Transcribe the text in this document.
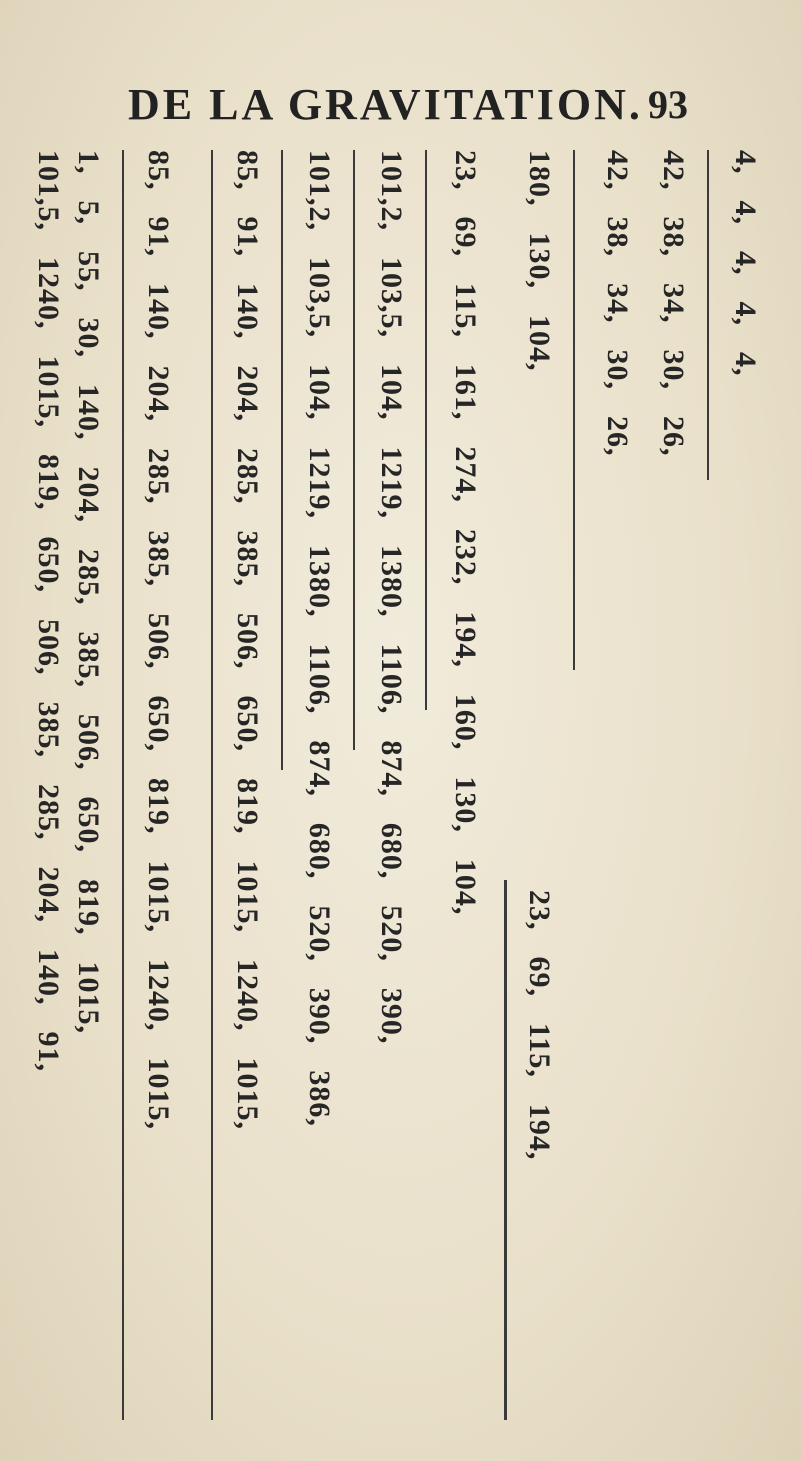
DE LA GRAVITATION. 93
4,
4,
4,
4,
4,
42,
38,
34,
30,
26,
42,
38,
34,
30,
26,
23,
69,
115,
194,
180,
130,
104,
23,
69,
115,
161,
274,
232,
194,
160,
130,
104,
101,2,
103,5,
104,
1219,
1380,
1106,
874,
680,
520,
390,
101,2,
103,5,
104,
1219,
1380,
1106,
874,
680,
520,
390,
386,
85,
91,
140,
204,
285,
385,
506,
650,
819,
1015,
1240,
1015,
85,
91,
140,
204,
285,
385,
506,
650,
819,
1015,
1240,
1015,
1,
5,
55,
30,
140,
204,
285,
385,
506,
650,
819,
1015,
101,5,
1240,
1015,
819,
650,
506,
385,
285,
204,
140,
91,
